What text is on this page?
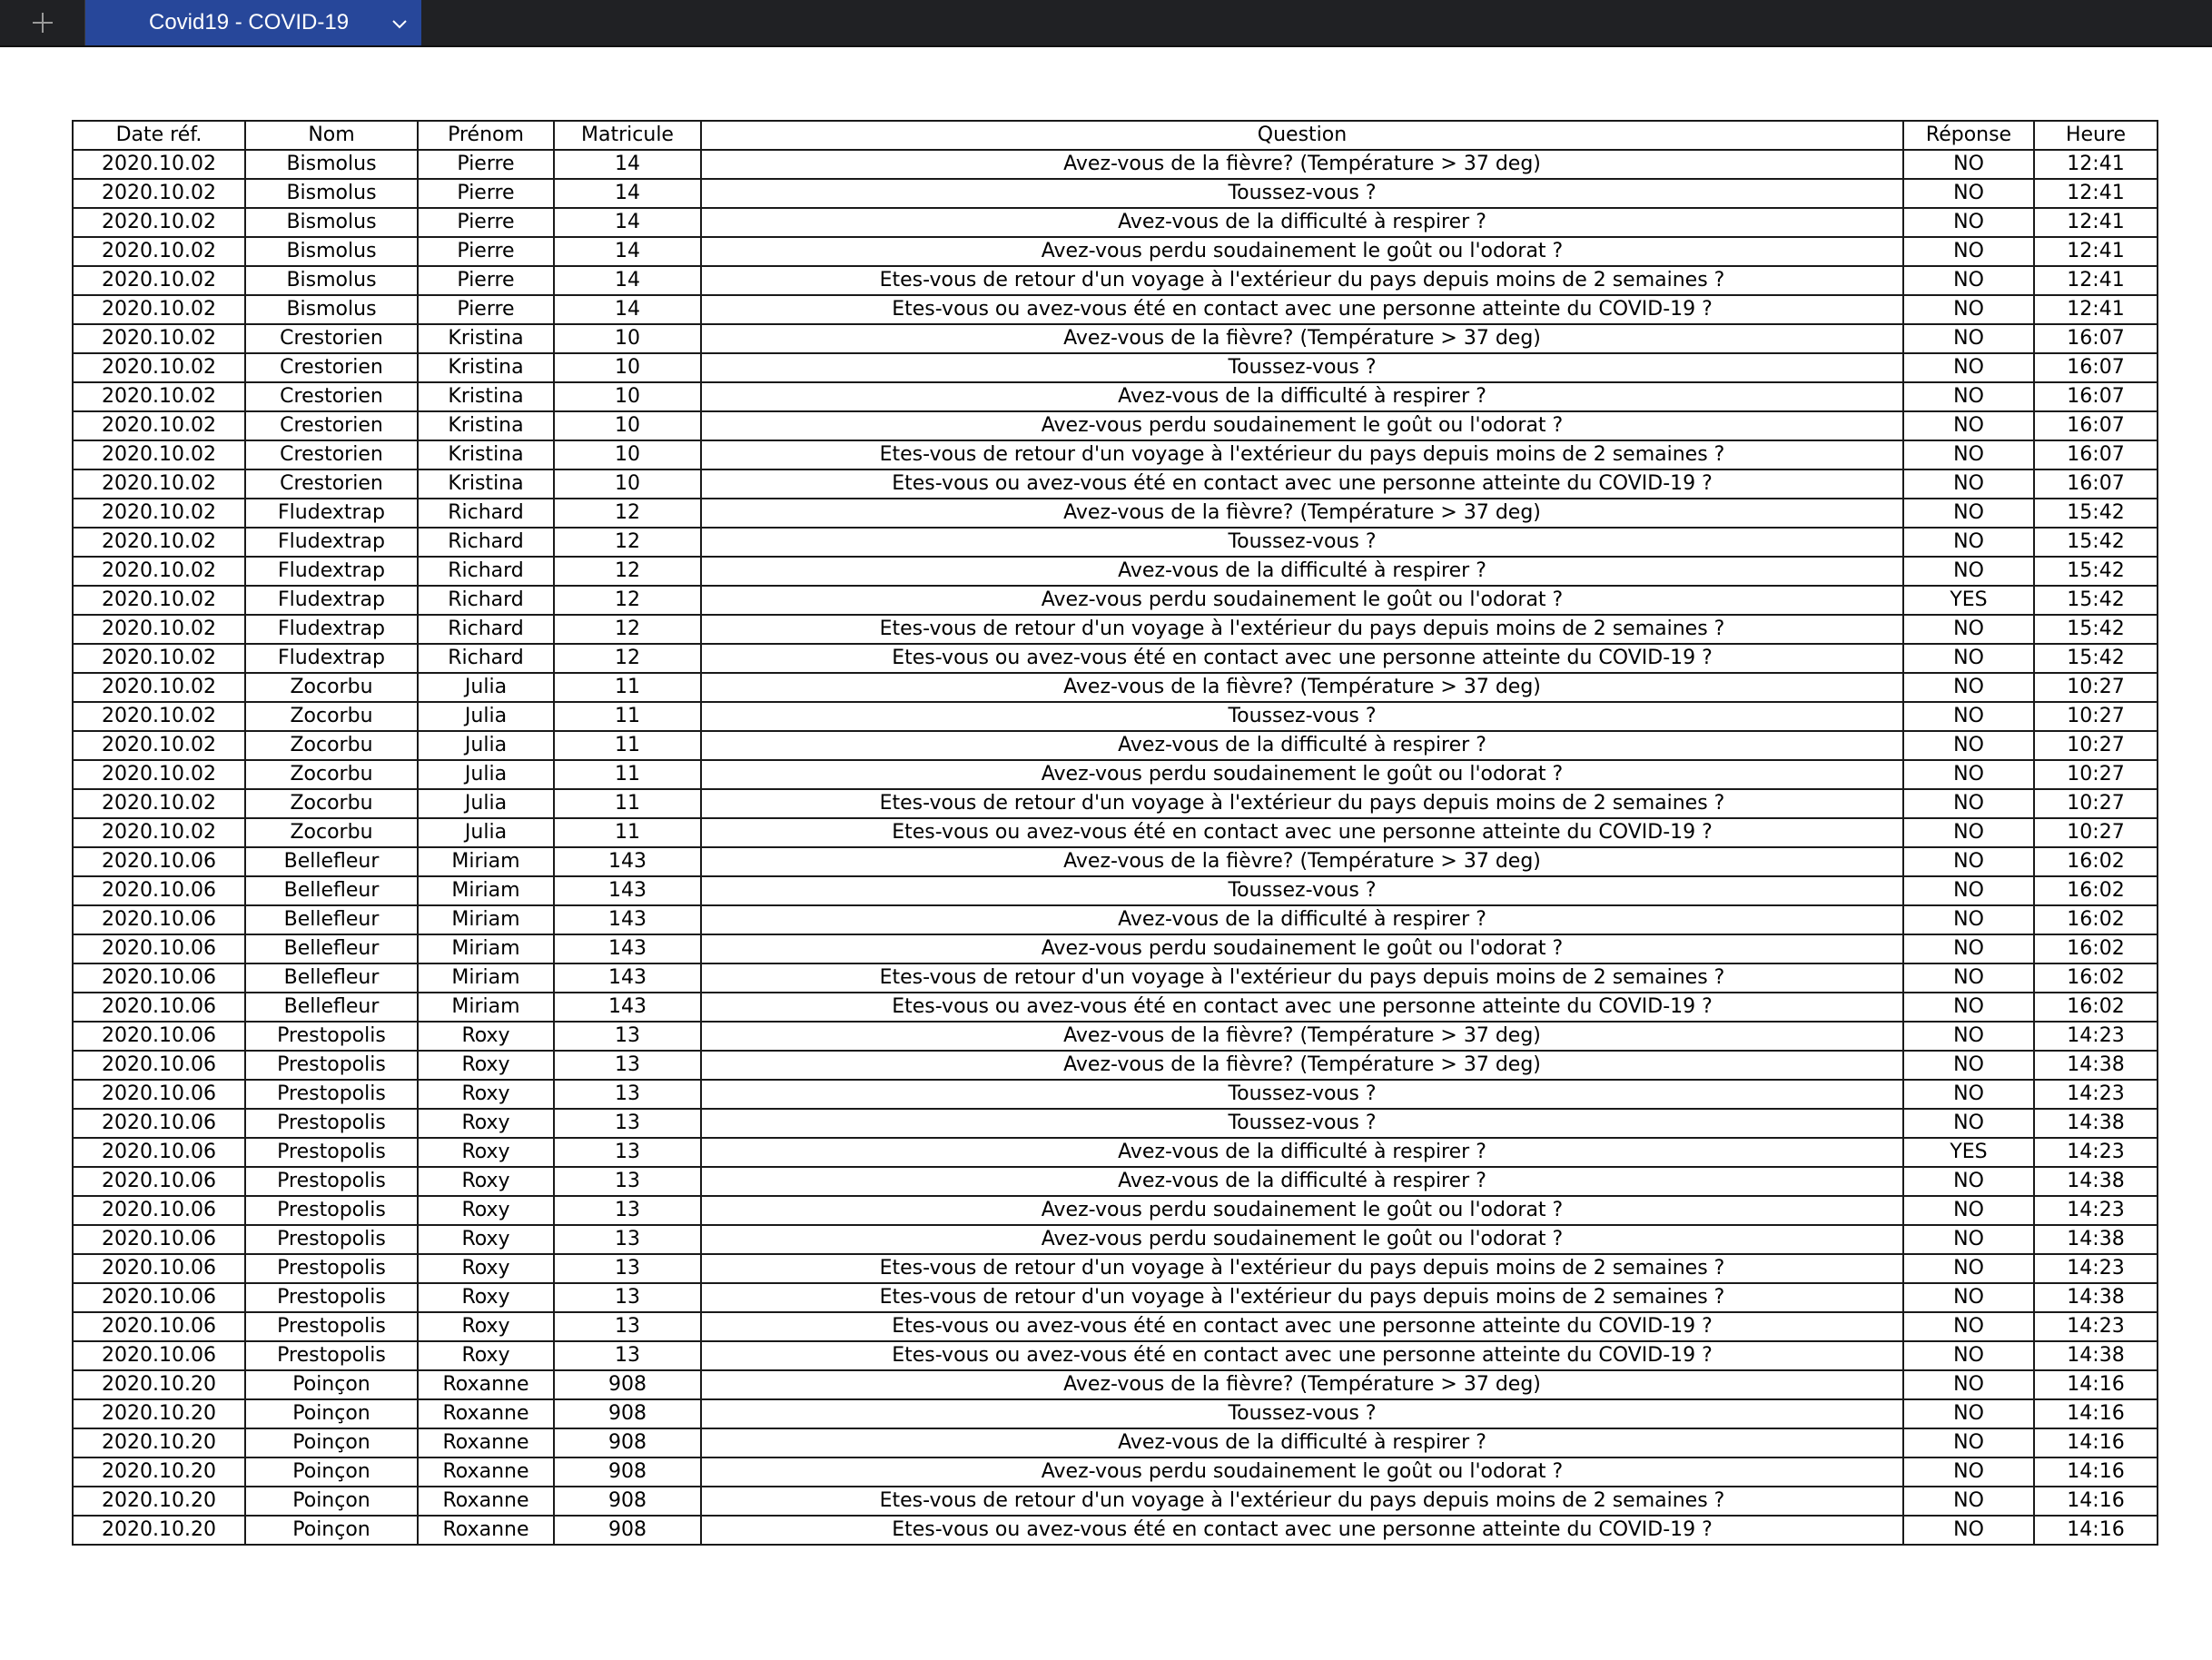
Covid19 - COVID-19
Date réf.	Nom	Prénom	Matricule	Question	Réponse	Heure
2020.10.02	Bismolus	Pierre	14	Avez-vous de la fièvre? (Température > 37 deg)	NO	12:41
2020.10.02	Bismolus	Pierre	14	Toussez-vous ?	NO	12:41
2020.10.02	Bismolus	Pierre	14	Avez-vous de la difficulté à respirer ?	NO	12:41
2020.10.02	Bismolus	Pierre	14	Avez-vous perdu soudainement le goût ou l'odorat ?	NO	12:41
2020.10.02	Bismolus	Pierre	14	Etes-vous de retour d'un voyage à l'extérieur du pays depuis moins de 2 semaines ?	NO	12:41
2020.10.02	Bismolus	Pierre	14	Etes-vous ou avez-vous été en contact avec une personne atteinte du COVID-19 ?	NO	12:41
2020.10.02	Crestorien	Kristina	10	Avez-vous de la fièvre? (Température > 37 deg)	NO	16:07
2020.10.02	Crestorien	Kristina	10	Toussez-vous ?	NO	16:07
2020.10.02	Crestorien	Kristina	10	Avez-vous de la difficulté à respirer ?	NO	16:07
2020.10.02	Crestorien	Kristina	10	Avez-vous perdu soudainement le goût ou l'odorat ?	NO	16:07
2020.10.02	Crestorien	Kristina	10	Etes-vous de retour d'un voyage à l'extérieur du pays depuis moins de 2 semaines ?	NO	16:07
2020.10.02	Crestorien	Kristina	10	Etes-vous ou avez-vous été en contact avec une personne atteinte du COVID-19 ?	NO	16:07
2020.10.02	Fludextrap	Richard	12	Avez-vous de la fièvre? (Température > 37 deg)	NO	15:42
2020.10.02	Fludextrap	Richard	12	Toussez-vous ?	NO	15:42
2020.10.02	Fludextrap	Richard	12	Avez-vous de la difficulté à respirer ?	NO	15:42
2020.10.02	Fludextrap	Richard	12	Avez-vous perdu soudainement le goût ou l'odorat ?	YES	15:42
2020.10.02	Fludextrap	Richard	12	Etes-vous de retour d'un voyage à l'extérieur du pays depuis moins de 2 semaines ?	NO	15:42
2020.10.02	Fludextrap	Richard	12	Etes-vous ou avez-vous été en contact avec une personne atteinte du COVID-19 ?	NO	15:42
2020.10.02	Zocorbu	Julia	11	Avez-vous de la fièvre? (Température > 37 deg)	NO	10:27
2020.10.02	Zocorbu	Julia	11	Toussez-vous ?	NO	10:27
2020.10.02	Zocorbu	Julia	11	Avez-vous de la difficulté à respirer ?	NO	10:27
2020.10.02	Zocorbu	Julia	11	Avez-vous perdu soudainement le goût ou l'odorat ?	NO	10:27
2020.10.02	Zocorbu	Julia	11	Etes-vous de retour d'un voyage à l'extérieur du pays depuis moins de 2 semaines ?	NO	10:27
2020.10.02	Zocorbu	Julia	11	Etes-vous ou avez-vous été en contact avec une personne atteinte du COVID-19 ?	NO	10:27
2020.10.06	Bellefleur	Miriam	143	Avez-vous de la fièvre? (Température > 37 deg)	NO	16:02
2020.10.06	Bellefleur	Miriam	143	Toussez-vous ?	NO	16:02
2020.10.06	Bellefleur	Miriam	143	Avez-vous de la difficulté à respirer ?	NO	16:02
2020.10.06	Bellefleur	Miriam	143	Avez-vous perdu soudainement le goût ou l'odorat ?	NO	16:02
2020.10.06	Bellefleur	Miriam	143	Etes-vous de retour d'un voyage à l'extérieur du pays depuis moins de 2 semaines ?	NO	16:02
2020.10.06	Bellefleur	Miriam	143	Etes-vous ou avez-vous été en contact avec une personne atteinte du COVID-19 ?	NO	16:02
2020.10.06	Prestopolis	Roxy	13	Avez-vous de la fièvre? (Température > 37 deg)	NO	14:23
2020.10.06	Prestopolis	Roxy	13	Avez-vous de la fièvre? (Température > 37 deg)	NO	14:38
2020.10.06	Prestopolis	Roxy	13	Toussez-vous ?	NO	14:23
2020.10.06	Prestopolis	Roxy	13	Toussez-vous ?	NO	14:38
2020.10.06	Prestopolis	Roxy	13	Avez-vous de la difficulté à respirer ?	YES	14:23
2020.10.06	Prestopolis	Roxy	13	Avez-vous de la difficulté à respirer ?	NO	14:38
2020.10.06	Prestopolis	Roxy	13	Avez-vous perdu soudainement le goût ou l'odorat ?	NO	14:23
2020.10.06	Prestopolis	Roxy	13	Avez-vous perdu soudainement le goût ou l'odorat ?	NO	14:38
2020.10.06	Prestopolis	Roxy	13	Etes-vous de retour d'un voyage à l'extérieur du pays depuis moins de 2 semaines ?	NO	14:23
2020.10.06	Prestopolis	Roxy	13	Etes-vous de retour d'un voyage à l'extérieur du pays depuis moins de 2 semaines ?	NO	14:38
2020.10.06	Prestopolis	Roxy	13	Etes-vous ou avez-vous été en contact avec une personne atteinte du COVID-19 ?	NO	14:23
2020.10.06	Prestopolis	Roxy	13	Etes-vous ou avez-vous été en contact avec une personne atteinte du COVID-19 ?	NO	14:38
2020.10.20	Poinçon	Roxanne	908	Avez-vous de la fièvre? (Température > 37 deg)	NO	14:16
2020.10.20	Poinçon	Roxanne	908	Toussez-vous ?	NO	14:16
2020.10.20	Poinçon	Roxanne	908	Avez-vous de la difficulté à respirer ?	NO	14:16
2020.10.20	Poinçon	Roxanne	908	Avez-vous perdu soudainement le goût ou l'odorat ?	NO	14:16
2020.10.20	Poinçon	Roxanne	908	Etes-vous de retour d'un voyage à l'extérieur du pays depuis moins de 2 semaines ?	NO	14:16
2020.10.20	Poinçon	Roxanne	908	Etes-vous ou avez-vous été en contact avec une personne atteinte du COVID-19 ?	NO	14:16
